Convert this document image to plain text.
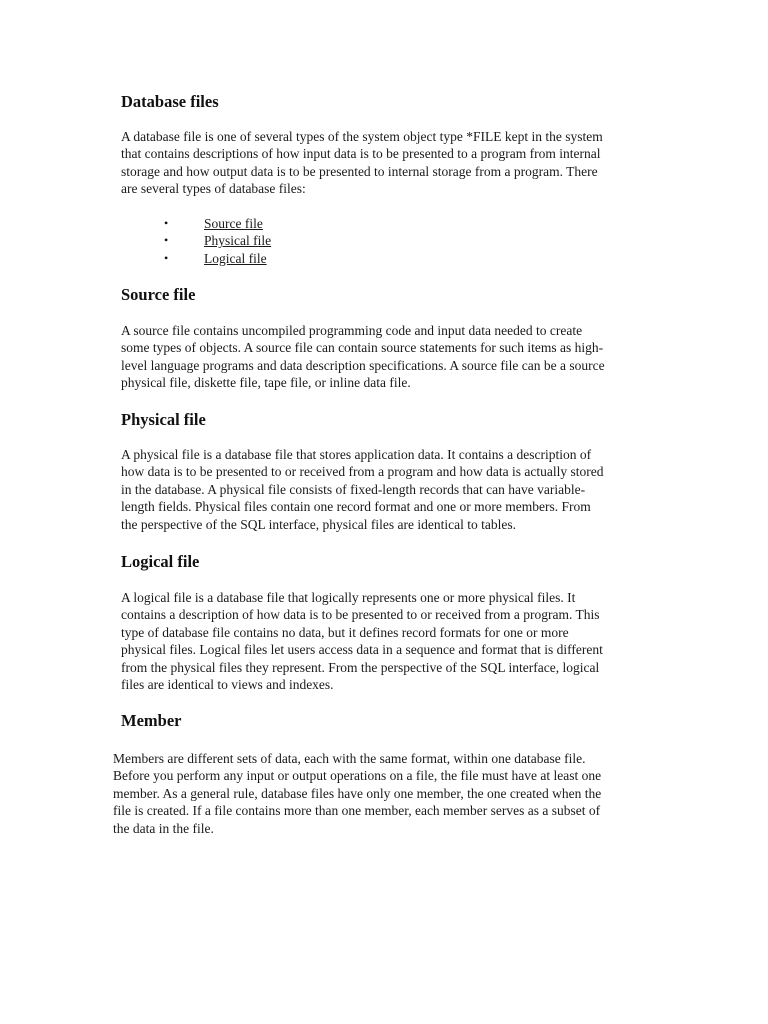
Database files

A database file is one of several types of the system object type *FILE kept in the system
that contains descriptions of how input data is to be presented to a program from internal
storage and how output data is to be presented to internal storage from a program. There
are several types of database files:

•	Source file
•	Physical file
•	Logical file
Source file

A source file contains uncompiled programming code and input data needed to create
some types of objects. A source file can contain source statements for such items as high-
level language programs and data description specifications. A source file can be a source
physical file, diskette file, tape file, or inline data file.

Physical file

A physical file is a database file that stores application data. It contains a description of
how data is to be presented to or received from a program and how data is actually stored
in the database. A physical file consists of fixed-length records that can have variable-
length fields. Physical files contain one record format and one or more members. From
the perspective of the SQL interface, physical files are identical to tables.

Logical file

A logical file is a database file that logically represents one or more physical files. It
contains a description of how data is to be presented to or received from a program. This
type of database file contains no data, but it defines record formats for one or more
physical files. Logical files let users access data in a sequence and format that is different
from the physical files they represent. From the perspective of the SQL interface, logical
files are identical to views and indexes.

Member

Members are different sets of data, each with the same format, within one database file.
Before you perform any input or output operations on a file, the file must have at least one
member. As a general rule, database files have only one member, the one created when the
file is created. If a file contains more than one member, each member serves as a subset of
the data in the file.
